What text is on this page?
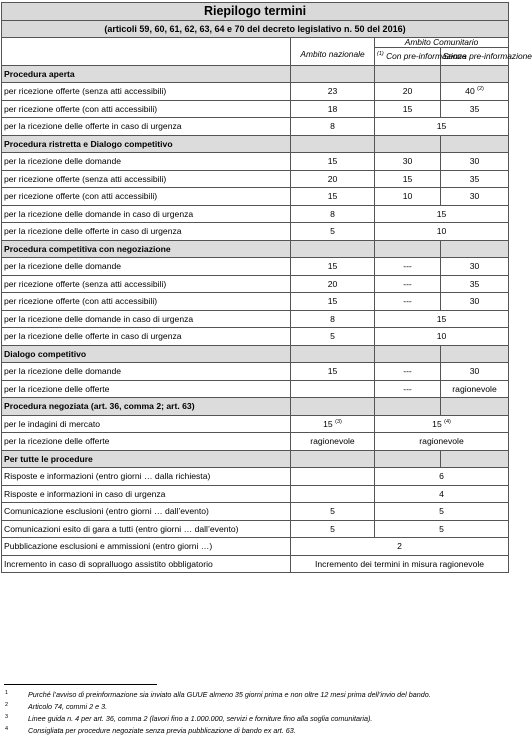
Riepilogo termini			
(articoli 59, 60, 61, 62, 63, 64 e 70 del decreto legislativo n. 50 del 2016)			
	Ambito nazionale	Ambito Comunitario	
		$^{(1)}$ Con pre-informazione	Senza pre-informazione
Procedura aperta			
per ricezione offerte (senza atti accessibili)	23	20	40 $^{(2)}$
per ricezione offerte (con atti accessibili)	18	15	35
per la ricezione delle offerte in caso di urgenza	8	15	
Procedura ristretta e Dialogo competitivo			
per la ricezione delle domande	15	30	30
per ricezione offerte (senza atti accessibili)	20	15	35
per ricezione offerte (con atti accessibili)	15	10	30
per la ricezione delle domande in caso di urgenza	8	15	
per la ricezione delle offerte in caso di urgenza	5	10	
Procedura competitiva con negoziazione			
per la ricezione delle domande	15	---	30
per ricezione offerte (senza atti accessibili)	20	---	35
per ricezione offerte (con atti accessibili)	15	---	30
per la ricezione delle domande in caso di urgenza	8	15	
per la ricezione delle offerte in caso di urgenza	5	10	
Dialogo competitivo			
per la ricezione delle domande	15	---	30
per la ricezione delle offerte		---	ragionevole
Procedura negoziata (art. 36, comma 2; art. 63)			
per le indagini di mercato	15 $^{(3)}$	15 $^{(4)}$
per la ricezione delle offerte	ragionevole	ragionevole	
Per tutte le procedure			
Risposte e informazioni (entro giorni … dalla richiesta)		6	
Risposte e informazioni in caso di urgenza		4	
Comunicazione esclusioni (entro giorni … dall’evento)	5	5	
Comunicazioni esito di gara a tutti (entro giorni … dall’evento)	5	5	
Pubblicazione esclusioni e ammissioni (entro giorni …)	2		
Incremento in caso di sopralluogo assistito obbligatorio	Incremento dei termini in misura ragionevole		
1	Purché l’avviso di preinformazione sia inviato alla GUUE almeno 35 giorni prima e non oltre 12 mesi prima dell’invio del bando.
2	Articolo 74, commi 2 e 3.
3	Linee guida n. 4 per art. 36, comma 2 (lavori fino a 1.000.000, servizi e forniture fino alla soglia comunitaria).
4	Consigliata per procedure negoziate senza previa pubblicazione di bando ex art. 63.
